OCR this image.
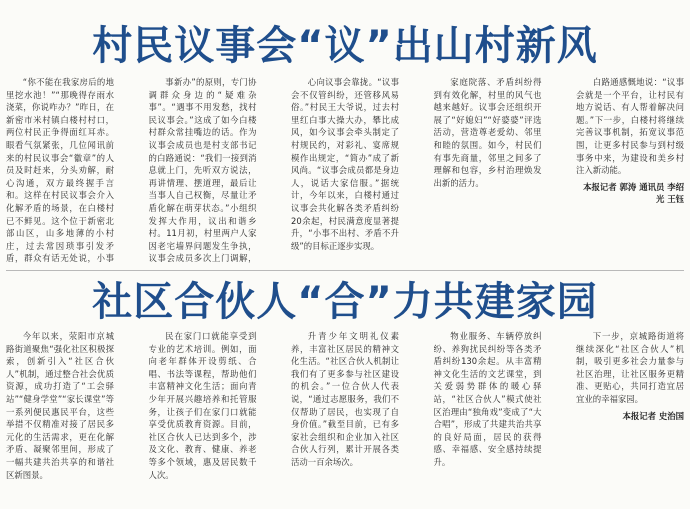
村民议事会“议”出山村新风

“你不能在我家房后的地里挖水池！”“那晚得存雨水浇菜，你说咋办？”昨日，在新密市米村镇白楼村村口，两位村民正争得面红耳赤。眼看气氛紧张，几位闻讯前来的村民议事会“徽章”的人员及时赶来，分头劝解，耐心沟通，双方最终握手言和。这样在村民议事会介入化解矛盾的场景，在白楼村已不鲜见。这个位于新密北部山区，山多地薄的小村庄，过去常因琐事引发矛盾，群众有话无处说，小事

事新办”的原则，专门协调群众身边的“疑难杂事”。“遇事不用发愁，找村民议事会。”这成了如今白楼村群众常挂嘴边的话。作为议事会成员也是村支部书记的白路通说：“我们一接到消息就上门，先听双方说法，再讲情理、摆道理，最后让当事人自己权衡，尽量让矛盾化解在萌芽状态。”小组织发挥大作用，议出和谐乡村。11月初，村里两户人家因老宅墙界问题发生争执，议事会成员多次上门调解，

心向议事会靠拢。“议事会不仅管纠纷，还管移风易俗。”村民王大爷说，过去村里红白事大操大办，攀比成风，如今议事会牵头制定了村规民约，对彩礼、宴席规模作出规定，“简办”成了新风尚。“议事会成员都是身边人，说话大家信服。”据统计，今年以来，白楼村通过议事会共化解各类矛盾纠纷20余起，村民满意度显著提升，“小事不出村、矛盾不升级”的目标正逐步实现。

家庭院落、矛盾纠纷得到有效化解，村里的风气也越来越好。议事会还组织开展了“好媳妇”“好婆婆”评选活动，营造尊老爱幼、邻里和睦的氛围。如今，村民们有事先商量，邻里之间多了理解和包容，乡村治理焕发出新的活力。

白路通感慨地说：“议事会就是一个平台，让村民有地方说话、有人帮着解决问题。”下一步，白楼村将继续完善议事机制，拓宽议事范围，让更多村民参与到村级事务中来，为建设和美乡村注入新动能。

本报记者 郭涛 通讯员 李绍光 王钰
社区合伙人“合”力共建家园

今年以来，荥阳市京城路街道聚焦“强化社区积极探索，创新引入“社区合伙人”机制，通过整合社会优质资源，成功打造了“工会驿站”“健身学堂”“家长课堂”等一系列便民惠民平台，这些举措不仅精准对接了居民多元化的生活需求，更在化解矛盾、凝聚邻里间，形成了一幅共建共治共享的和谐社区新图景。

民在家门口就能享受到专业的艺术培训。例如，面向老年群体开设剪纸、合唱、书法等课程，帮助他们丰富精神文化生活；面向青少年开展兴趣培养和托管服务，让孩子们在家门口就能享受优质教育资源。目前，社区合伙人已达到多个，涉及文化、教育、健康、养老等多个领域，惠及居民数千人次。

升青少年文明礼仪素养，丰富社区居民的精神文化生活。“社区合伙人机制让我们有了更多参与社区建设的机会。”一位合伙人代表说，“通过志愿服务，我们不仅帮助了居民，也实现了自身价值。”截至目前，已有多家社会组织和企业加入社区合伙人行列，累计开展各类活动一百余场次。

物业服务、车辆停放纠纷、养狗扰民纠纷等各类矛盾纠纷130余起。从丰富精神文化生活的文艺课堂，到关爱弱势群体的暖心驿站，“社区合伙人”模式使社区治理由“独角戏”变成了“大合唱”，形成了共建共治共享的良好局面，居民的获得感、幸福感、安全感持续提升。

下一步，京城路街道将继续深化“社区合伙人”机制，吸引更多社会力量参与社区治理，让社区服务更精准、更贴心，共同打造宜居宜业的幸福家园。

本报记者 史治国
